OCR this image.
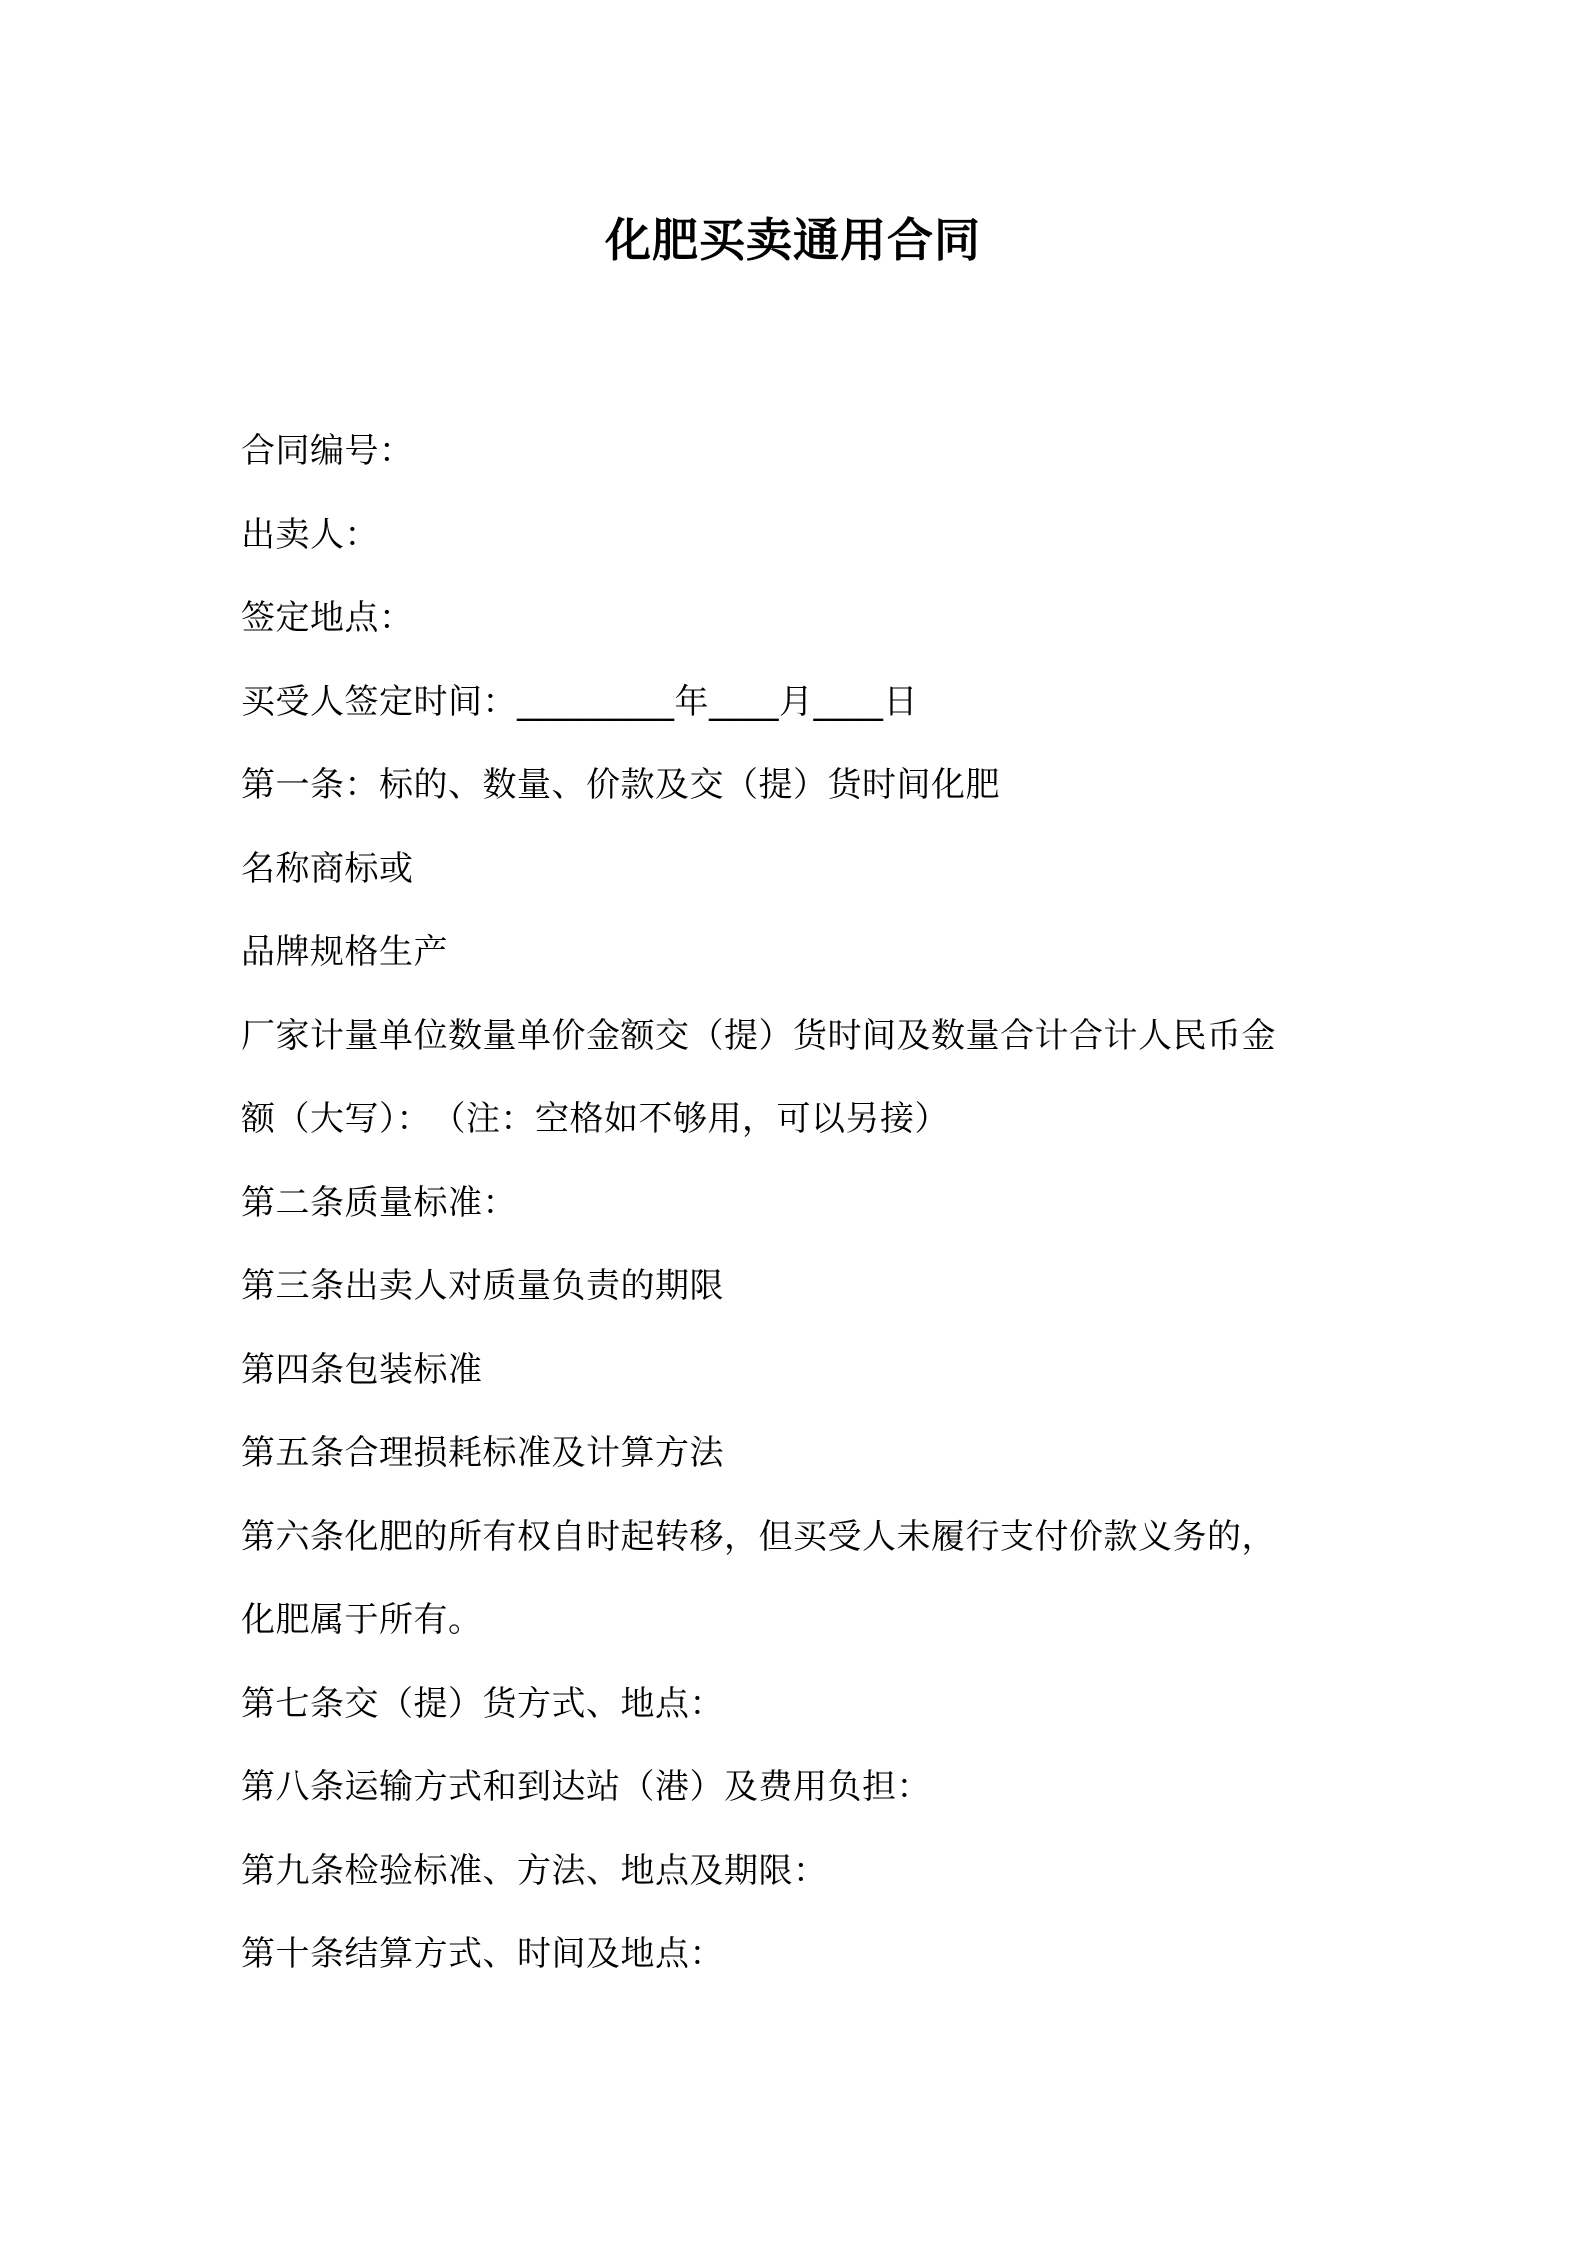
化肥买卖通用合同
合同编号：
出卖人：
签定地点：
买受人签定时间：_________年____月____日
第一条：标的、数量、价款及交（提）货时间化肥
名称商标或
品牌规格生产
厂家计量单位数量单价金额交（提）货时间及数量合计合计人民币金
额（大写）：　（注：空格如不够用，可以另接）
第二条质量标准：
第三条出卖人对质量负责的期限
第四条包装标准
第五条合理损耗标准及计算方法
第六条化肥的所有权自时起转移，但买受人未履行支付价款义务的，
化肥属于所有。
第七条交（提）货方式、地点：
第八条运输方式和到达站（港）及费用负担：
第九条检验标准、方法、地点及期限：
第十条结算方式、时间及地点：
